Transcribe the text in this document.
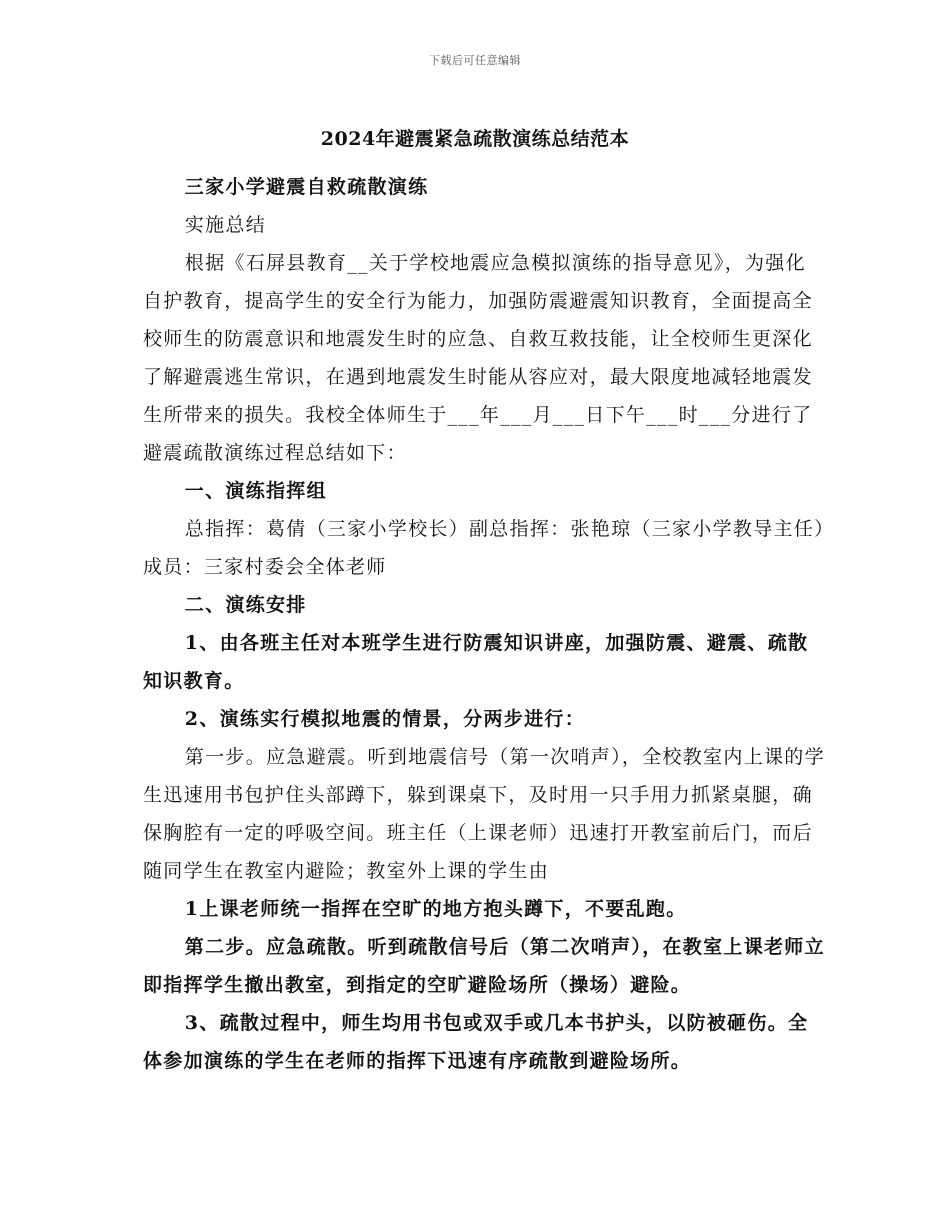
下载后可任意编辑
2024年避震紧急疏散演练总结范本

三家小学避震自救疏散演练

实施总结

根据《石屏县教育__关于学校地震应急模拟演练的指导意见》，为强化自护教育，提高学生的安全行为能力，加强防震避震知识教育，全面提高全校师生的防震意识和地震发生时的应急、自救互救技能，让全校师生更深化了解避震逃生常识，在遇到地震发生时能从容应对，最大限度地减轻地震发生所带来的损失。我校全体师生于___年___月___日下午___时___分进行了避震疏散演练过程总结如下：

一、演练指挥组

总指挥：葛倩（三家小学校长）副总指挥：张艳琼（三家小学教导主任）成员：三家村委会全体老师

二、演练安排

1、由各班主任对本班学生进行防震知识讲座，加强防震、避震、疏散知识教育。

2、演练实行模拟地震的情景，分两步进行：

第一步。应急避震。听到地震信号（第一次哨声），全校教室内上课的学生迅速用书包护住头部蹲下，躲到课桌下，及时用一只手用力抓紧桌腿，确保胸腔有一定的呼吸空间。班主任（上课老师）迅速打开教室前后门，而后随同学生在教室内避险；教室外上课的学生由

1上课老师统一指挥在空旷的地方抱头蹲下，不要乱跑。

第二步。应急疏散。听到疏散信号后（第二次哨声），在教室上课老师立即指挥学生撤出教室，到指定的空旷避险场所（操场）避险。

3、疏散过程中，师生均用书包或双手或几本书护头，以防被砸伤。全体参加演练的学生在老师的指挥下迅速有序疏散到避险场所。
